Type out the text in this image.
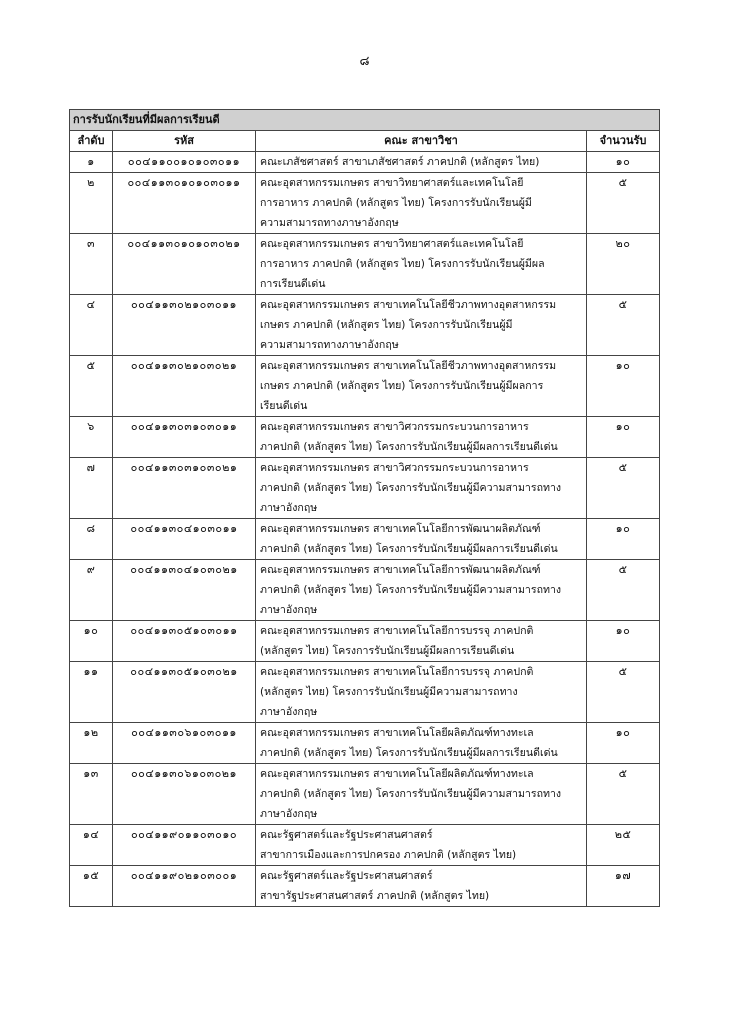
๘
การรับนักเรียนที่มีผลการเรียนดี			
ลำดับ	รหัส	คณะ สาขาวิชา	จำนวนรับ
๑	๐๐๔๑๑๐๐๑๐๑๐๓๐๑๑	คณะเภสัชศาสตร์ สาขาเภสัชศาสตร์ ภาคปกติ (หลักสูตร ไทย)	๑๐
๒	๐๐๔๑๑๓๐๑๐๑๐๓๐๑๑	คณะอุตสาหกรรมเกษตร สาขาวิทยาศาสตร์และเทคโนโลยี
การอาหาร ภาคปกติ (หลักสูตร ไทย) โครงการรับนักเรียนผู้มี
ความสามารถทางภาษาอังกฤษ	๕
๓	๐๐๔๑๑๓๐๑๐๑๐๓๐๒๑	คณะอุตสาหกรรมเกษตร สาขาวิทยาศาสตร์และเทคโนโลยี
การอาหาร ภาคปกติ (หลักสูตร ไทย) โครงการรับนักเรียนผู้มีผล
การเรียนดีเด่น	๒๐
๔	๐๐๔๑๑๓๐๒๑๐๓๐๑๑	คณะอุตสาหกรรมเกษตร สาขาเทคโนโลยีชีวภาพทางอุตสาหกรรม
เกษตร ภาคปกติ (หลักสูตร ไทย) โครงการรับนักเรียนผู้มี
ความสามารถทางภาษาอังกฤษ	๕
๕	๐๐๔๑๑๓๐๒๑๐๓๐๒๑	คณะอุตสาหกรรมเกษตร สาขาเทคโนโลยีชีวภาพทางอุตสาหกรรม
เกษตร ภาคปกติ (หลักสูตร ไทย) โครงการรับนักเรียนผู้มีผลการ
เรียนดีเด่น	๑๐
๖	๐๐๔๑๑๓๐๓๑๐๓๐๑๑	คณะอุตสาหกรรมเกษตร สาขาวิศวกรรมกระบวนการอาหาร
ภาคปกติ (หลักสูตร ไทย) โครงการรับนักเรียนผู้มีผลการเรียนดีเด่น	๑๐
๗	๐๐๔๑๑๓๐๓๑๐๓๐๒๑	คณะอุตสาหกรรมเกษตร สาขาวิศวกรรมกระบวนการอาหาร
ภาคปกติ (หลักสูตร ไทย) โครงการรับนักเรียนผู้มีความสามารถทาง
ภาษาอังกฤษ	๕
๘	๐๐๔๑๑๓๐๔๑๐๓๐๑๑	คณะอุตสาหกรรมเกษตร สาขาเทคโนโลยีการพัฒนาผลิตภัณฑ์
ภาคปกติ (หลักสูตร ไทย) โครงการรับนักเรียนผู้มีผลการเรียนดีเด่น	๑๐
๙	๐๐๔๑๑๓๐๔๑๐๓๐๒๑	คณะอุตสาหกรรมเกษตร สาขาเทคโนโลยีการพัฒนาผลิตภัณฑ์
ภาคปกติ (หลักสูตร ไทย) โครงการรับนักเรียนผู้มีความสามารถทาง
ภาษาอังกฤษ	๕
๑๐	๐๐๔๑๑๓๐๕๑๐๓๐๑๑	คณะอุตสาหกรรมเกษตร สาขาเทคโนโลยีการบรรจุ ภาคปกติ
(หลักสูตร ไทย) โครงการรับนักเรียนผู้มีผลการเรียนดีเด่น	๑๐
๑๑	๐๐๔๑๑๓๐๕๑๐๓๐๒๑	คณะอุตสาหกรรมเกษตร สาขาเทคโนโลยีการบรรจุ ภาคปกติ
(หลักสูตร ไทย) โครงการรับนักเรียนผู้มีความสามารถทาง
ภาษาอังกฤษ	๕
๑๒	๐๐๔๑๑๓๐๖๑๐๓๐๑๑	คณะอุตสาหกรรมเกษตร สาขาเทคโนโลยีผลิตภัณฑ์ทางทะเล
ภาคปกติ (หลักสูตร ไทย) โครงการรับนักเรียนผู้มีผลการเรียนดีเด่น	๑๐
๑๓	๐๐๔๑๑๓๐๖๑๐๓๐๒๑	คณะอุตสาหกรรมเกษตร สาขาเทคโนโลยีผลิตภัณฑ์ทางทะเล
ภาคปกติ (หลักสูตร ไทย) โครงการรับนักเรียนผู้มีความสามารถทาง
ภาษาอังกฤษ	๕
๑๔	๐๐๔๑๑๙๐๑๑๐๓๐๑๐	คณะรัฐศาสตร์และรัฐประศาสนศาสตร์
สาขาการเมืองและการปกครอง ภาคปกติ (หลักสูตร ไทย)	๒๕
๑๕	๐๐๔๑๑๙๐๒๑๐๓๐๐๑	คณะรัฐศาสตร์และรัฐประศาสนศาสตร์
สาขารัฐประศาสนศาสตร์ ภาคปกติ (หลักสูตร ไทย)	๑๗
